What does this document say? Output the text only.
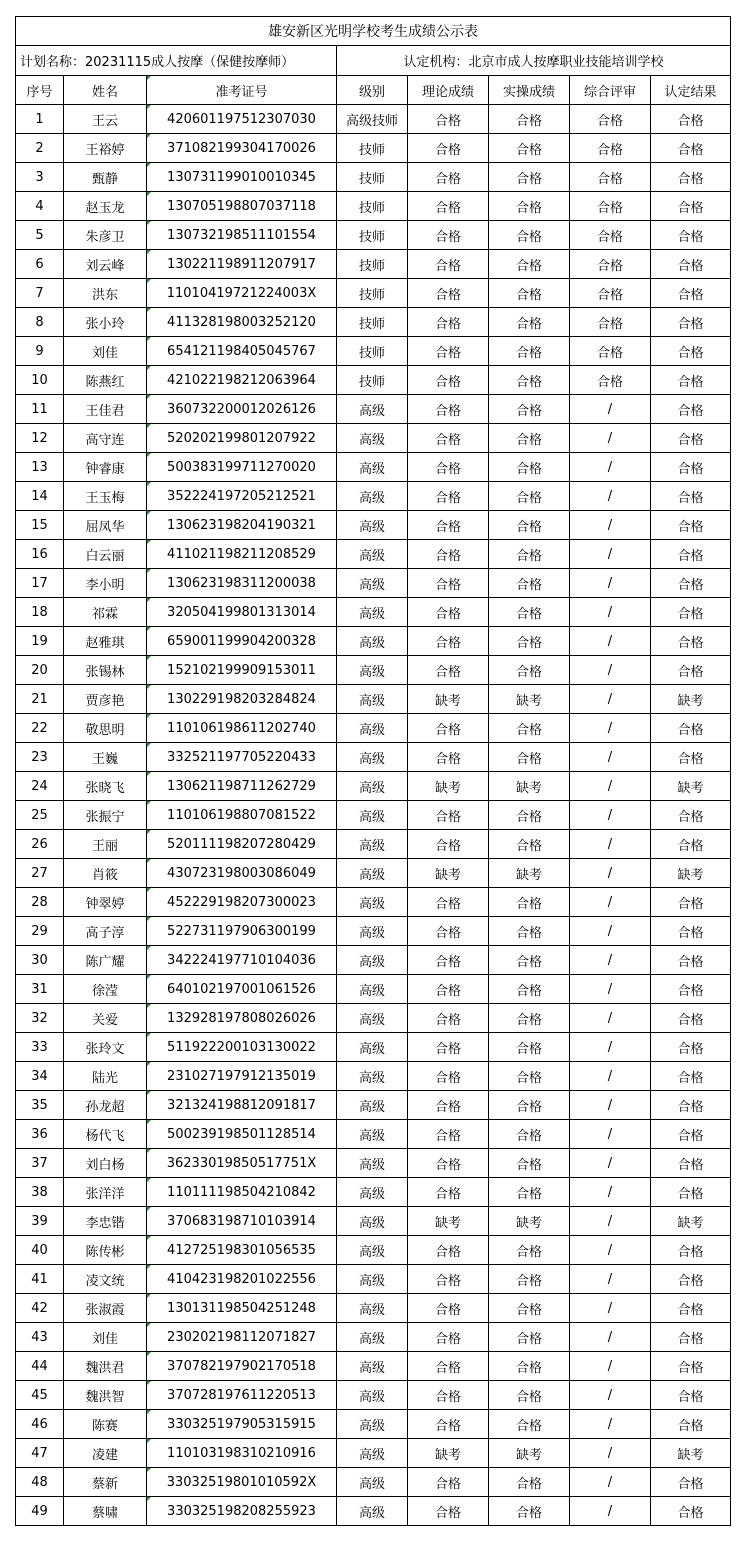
雄安新区光明学校考生成绩公示表							
计划名称：20231115成人按摩（保健按摩师）			认定机构：北京市成人按摩职业技能培训学校				
序号	姓名	准考证号	级别	理论成绩	实操成绩	综合评审	认定结果
1	王云	420601197512307030	高级技师	合格	合格	合格	合格
2	王裕婷	371082199304170026	技师	合格	合格	合格	合格
3	甄静	130731199010010345	技师	合格	合格	合格	合格
4	赵玉龙	130705198807037118	技师	合格	合格	合格	合格
5	朱彦卫	130732198511101554	技师	合格	合格	合格	合格
6	刘云峰	130221198911207917	技师	合格	合格	合格	合格
7	洪东	11010419721224003X	技师	合格	合格	合格	合格
8	张小玲	411328198003252120	技师	合格	合格	合格	合格
9	刘佳	654121198405045767	技师	合格	合格	合格	合格
10	陈燕红	421022198212063964	技师	合格	合格	合格	合格
11	王佳君	360732200012026126	高级	合格	合格	/	合格
12	高守连	520202199801207922	高级	合格	合格	/	合格
13	钟睿康	500383199711270020	高级	合格	合格	/	合格
14	王玉梅	352224197205212521	高级	合格	合格	/	合格
15	屈凤华	130623198204190321	高级	合格	合格	/	合格
16	白云丽	411021198211208529	高级	合格	合格	/	合格
17	李小明	130623198311200038	高级	合格	合格	/	合格
18	祁霖	320504199801313014	高级	合格	合格	/	合格
19	赵雅琪	659001199904200328	高级	合格	合格	/	合格
20	张锡林	152102199909153011	高级	合格	合格	/	合格
21	贾彦艳	130229198203284824	高级	缺考	缺考	/	缺考
22	敬思明	110106198611202740	高级	合格	合格	/	合格
23	王巍	332521197705220433	高级	合格	合格	/	合格
24	张晓飞	130621198711262729	高级	缺考	缺考	/	缺考
25	张振宁	110106198807081522	高级	合格	合格	/	合格
26	王丽	520111198207280429	高级	合格	合格	/	合格
27	肖筱	430723198003086049	高级	缺考	缺考	/	缺考
28	钟翠婷	452229198207300023	高级	合格	合格	/	合格
29	高子淳	522731197906300199	高级	合格	合格	/	合格
30	陈广耀	342224197710104036	高级	合格	合格	/	合格
31	徐滢	640102197001061526	高级	合格	合格	/	合格
32	关爱	132928197808026026	高级	合格	合格	/	合格
33	张玲文	511922200103130022	高级	合格	合格	/	合格
34	陆光	231027197912135019	高级	合格	合格	/	合格
35	孙龙超	321324198812091817	高级	合格	合格	/	合格
36	杨代飞	500239198501128514	高级	合格	合格	/	合格
37	刘白杨	36233019850517751X	高级	合格	合格	/	合格
38	张洋洋	110111198504210842	高级	合格	合格	/	合格
39	李忠锴	370683198710103914	高级	缺考	缺考	/	缺考
40	陈传彬	412725198301056535	高级	合格	合格	/	合格
41	凌文统	410423198201022556	高级	合格	合格	/	合格
42	张淑霞	130131198504251248	高级	合格	合格	/	合格
43	刘佳	230202198112071827	高级	合格	合格	/	合格
44	魏洪君	370782197902170518	高级	合格	合格	/	合格
45	魏洪智	370728197611220513	高级	合格	合格	/	合格
46	陈赛	330325197905315915	高级	合格	合格	/	合格
47	凌建	110103198310210916	高级	缺考	缺考	/	缺考
48	蔡新	33032519801010592X	高级	合格	合格	/	合格
49	蔡啸	330325198208255923	高级	合格	合格	/	合格
